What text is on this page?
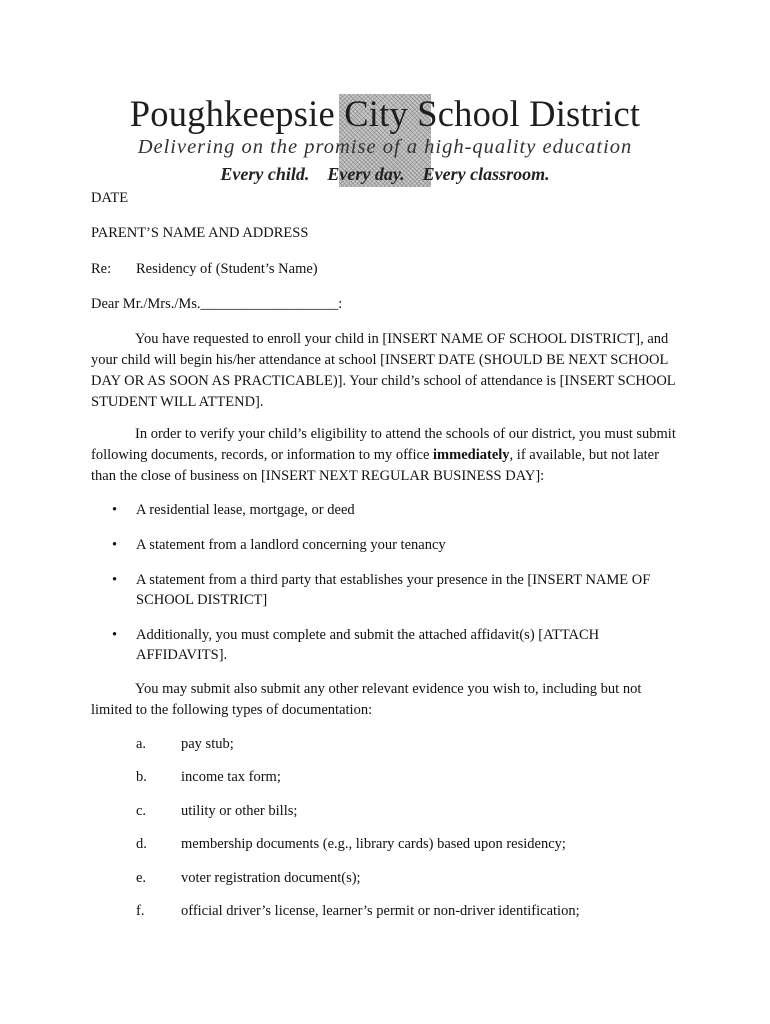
Poughkeepsie City School District
Delivering on the promise of a high-quality education
Every child. Every day. Every classroom.
DATE
PARENT’S NAME AND ADDRESS
Re: Residency of (Student’s Name)
Dear Mr./Mrs./Ms.___________________:
You have requested to enroll your child in [INSERT NAME OF SCHOOL DISTRICT], and your child will begin his/her attendance at school [INSERT DATE (SHOULD BE NEXT SCHOOL DAY OR AS SOON AS PRACTICABLE)]. Your child’s school of attendance is [INSERT SCHOOL STUDENT WILL ATTEND].
In order to verify your child’s eligibility to attend the schools of our district, you must submit following documents, records, or information to my office immediately, if available, but not later than the close of business on [INSERT NEXT REGULAR BUSINESS DAY]:
• A residential lease, mortgage, or deed
• A statement from a landlord concerning your tenancy
• A statement from a third party that establishes your presence in the [INSERT NAME OF SCHOOL DISTRICT]
• Additionally, you must complete and submit the attached affidavit(s) [ATTACH AFFIDAVITS].
You may submit also submit any other relevant evidence you wish to, including but not limited to the following types of documentation:
a. pay stub;
b. income tax form;
c. utility or other bills;
d. membership documents (e.g., library cards) based upon residency;
e. voter registration document(s);
f.	official driver’s license, learner’s permit or non-driver identification;
